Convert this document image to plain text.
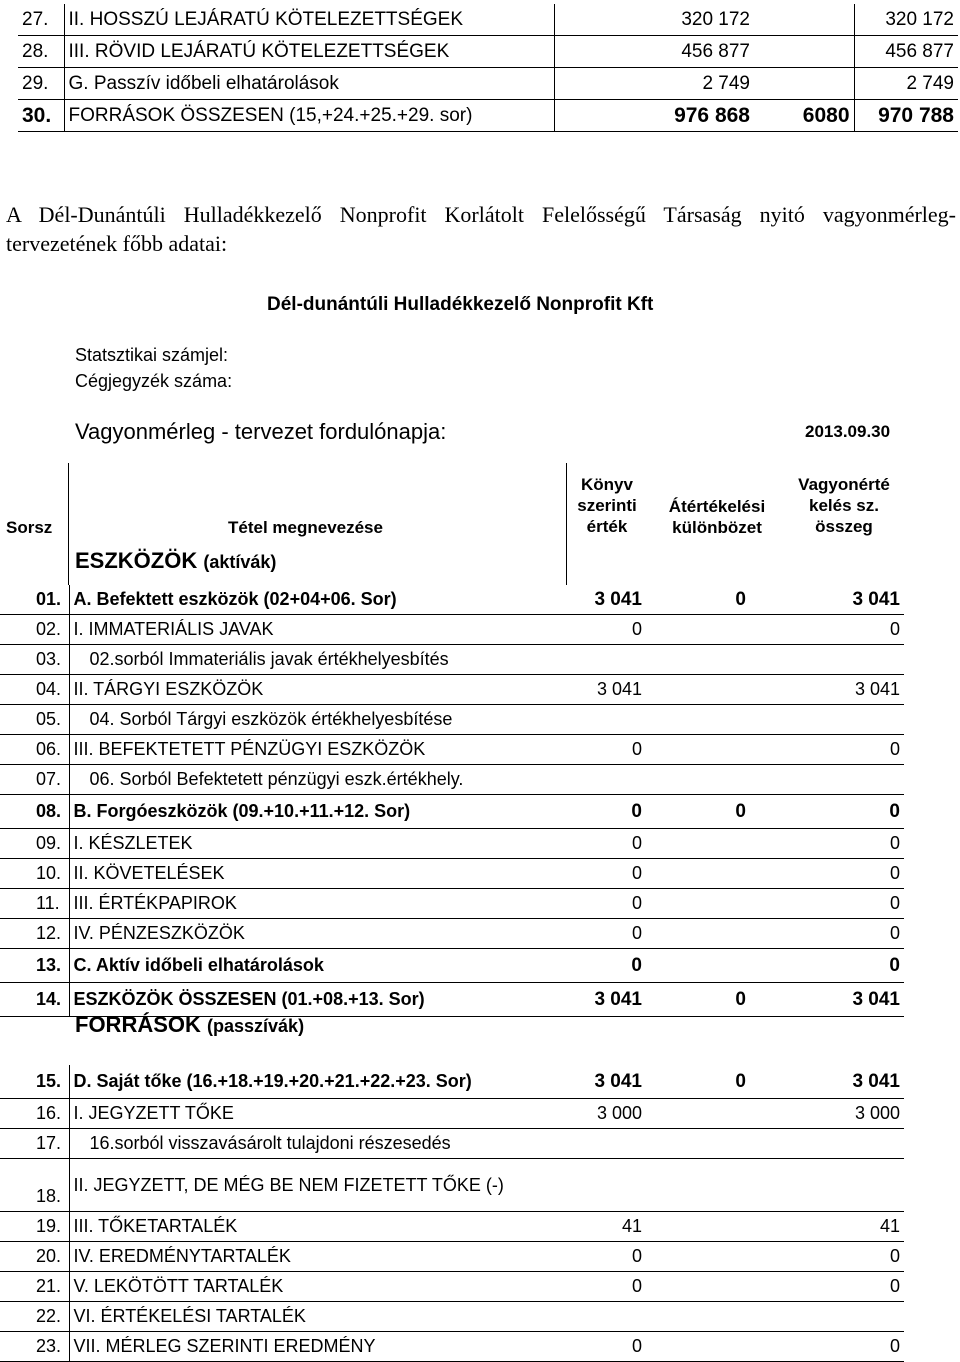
27.	II. HOSSZÚ LEJÁRATÚ KÖTELEZETTSÉGEK	320 172		320 172
28.	III. RÖVID LEJÁRATÚ KÖTELEZETTSÉGEK	456 877		456 877
29.	G. Passzív időbeli elhatárolások	2 749		2 749
30.	FORRÁSOK ÖSSZESEN (15,+24.+25.+29. sor)	976 868	6080	970 788
A Dél-Dunántúli Hulladékkezelő Nonprofit Korlátolt Felelősségű Társaság nyitó vagyonmérleg-tervezetének főbb adatai:
Dél-dunántúli Hulladékkezelő Nonprofit Kft
Statsztikai számjel:
Cégjegyzék száma:
Vagyonmérleg - tervezet fordulónapja:	2013.09.30
Sorsz	Tétel megnevezése
Könyv
szerinti
érték
Átértékelési
különbözet
Vagyonérté
kelés sz.
összeg
ESZKÖZÖK (aktívák)
01.	A. Befektett eszközök (02+04+06. Sor)	3 041	0	3 041
02.	I. IMMATERIÁLIS JAVAK	0		0
03.	02.sorból Immateriális javak értékhelyesbítés			
04.	II. TÁRGYI ESZKÖZÖK	3 041		3 041
05.	04. Sorból Tárgyi eszközök értékhelyesbítése			
06.	III. BEFEKTETETT PÉNZÜGYI ESZKÖZÖK	0		0
07.	06. Sorból Befektetett pénzügyi eszk.értékhely.			
08.	B. Forgóeszközök (09.+10.+11.+12. Sor)	0	0	0
09.	I. KÉSZLETEK	0		0
10.	II. KÖVETELÉSEK	0		0
11.	III. ÉRTÉKPAPIROK	0		0
12.	IV. PÉNZESZKÖZÖK	0		0
13.	C. Aktív időbeli elhatárolások	0		0
14.	ESZKÖZÖK ÖSSZESEN (01.+08.+13. Sor)	3 041	0	3 041

15.	D. Saját tőke (16.+18.+19.+20.+21.+22.+23. Sor)	3 041	0	3 041
16.	I. JEGYZETT TŐKE	3 000		3 000
17.	16.sorból visszavásárolt tulajdoni részesedés			
18.	II. JEGYZETT, DE MÉG BE NEM FIZETETT TŐKE (-)			
19.	III. TŐKETARTALÉK	41		41
20.	IV. EREDMÉNYTARTALÉK	0		0
21.	V. LEKÖTÖTT TARTALÉK	0		0
22.	VI. ÉRTÉKELÉSI TARTALÉK			
23.	VII. MÉRLEG SZERINTI EREDMÉNY	0		0
FORRÁSOK (passzívák)
